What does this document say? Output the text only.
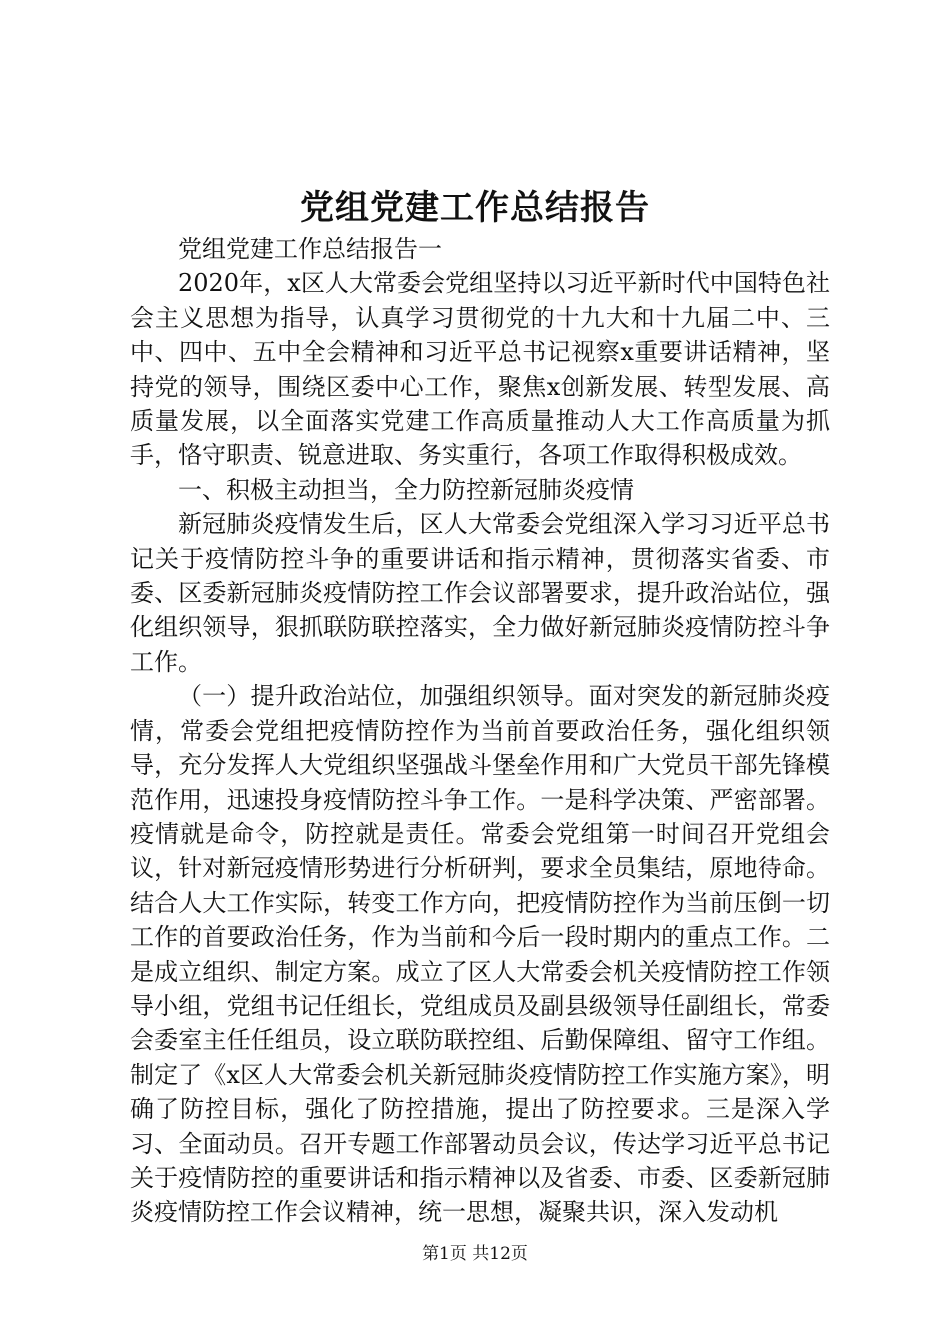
党组党建工作总结报告

党组党建工作总结报告一

2020年，x区人大常委会党组坚持以习近平新时代中国特色社会主义思想为指导，认真学习贯彻党的十九大和十九届二中、三中、四中、五中全会精神和习近平总书记视察x重要讲话精神，坚持党的领导，围绕区委中心工作，聚焦x创新发展、转型发展、高质量发展，以全面落实党建工作高质量推动人大工作高质量为抓手，恪守职责、锐意进取、务实重行，各项工作取得积极成效。

一、积极主动担当，全力防控新冠肺炎疫情

新冠肺炎疫情发生后，区人大常委会党组深入学习习近平总书记关于疫情防控斗争的重要讲话和指示精神，贯彻落实省委、市委、区委新冠肺炎疫情防控工作会议部署要求，提升政治站位，强化组织领导，狠抓联防联控落实，全力做好新冠肺炎疫情防控斗争工作。

（一）提升政治站位，加强组织领导。面对突发的新冠肺炎疫情，常委会党组把疫情防控作为当前首要政治任务，强化组织领导，充分发挥人大党组织坚强战斗堡垒作用和广大党员干部先锋模范作用，迅速投身疫情防控斗争工作。一是科学决策、严密部署。疫情就是命令，防控就是责任。常委会党组第一时间召开党组会议，针对新冠疫情形势进行分析研判，要求全员集结，原地待命。结合人大工作实际，转变工作方向，把疫情防控作为当前压倒一切工作的首要政治任务，作为当前和今后一段时期内的重点工作。二是成立组织、制定方案。成立了区人大常委会机关疫情防控工作领导小组，党组书记任组长，党组成员及副县级领导任副组长，常委会委室主任任组员，设立联防联控组、后勤保障组、留守工作组。制定了《x区人大常委会机关新冠肺炎疫情防控工作实施方案》，明确了防控目标，强化了防控措施，提出了防控要求。三是深入学习、全面动员。召开专题工作部署动员会议，传达学习近平总书记关于疫情防控的重要讲话和指示精神以及省委、市委、区委新冠肺炎疫情防控工作会议精神，统一思想，凝聚共识，深入发动机

第1页 共12页
